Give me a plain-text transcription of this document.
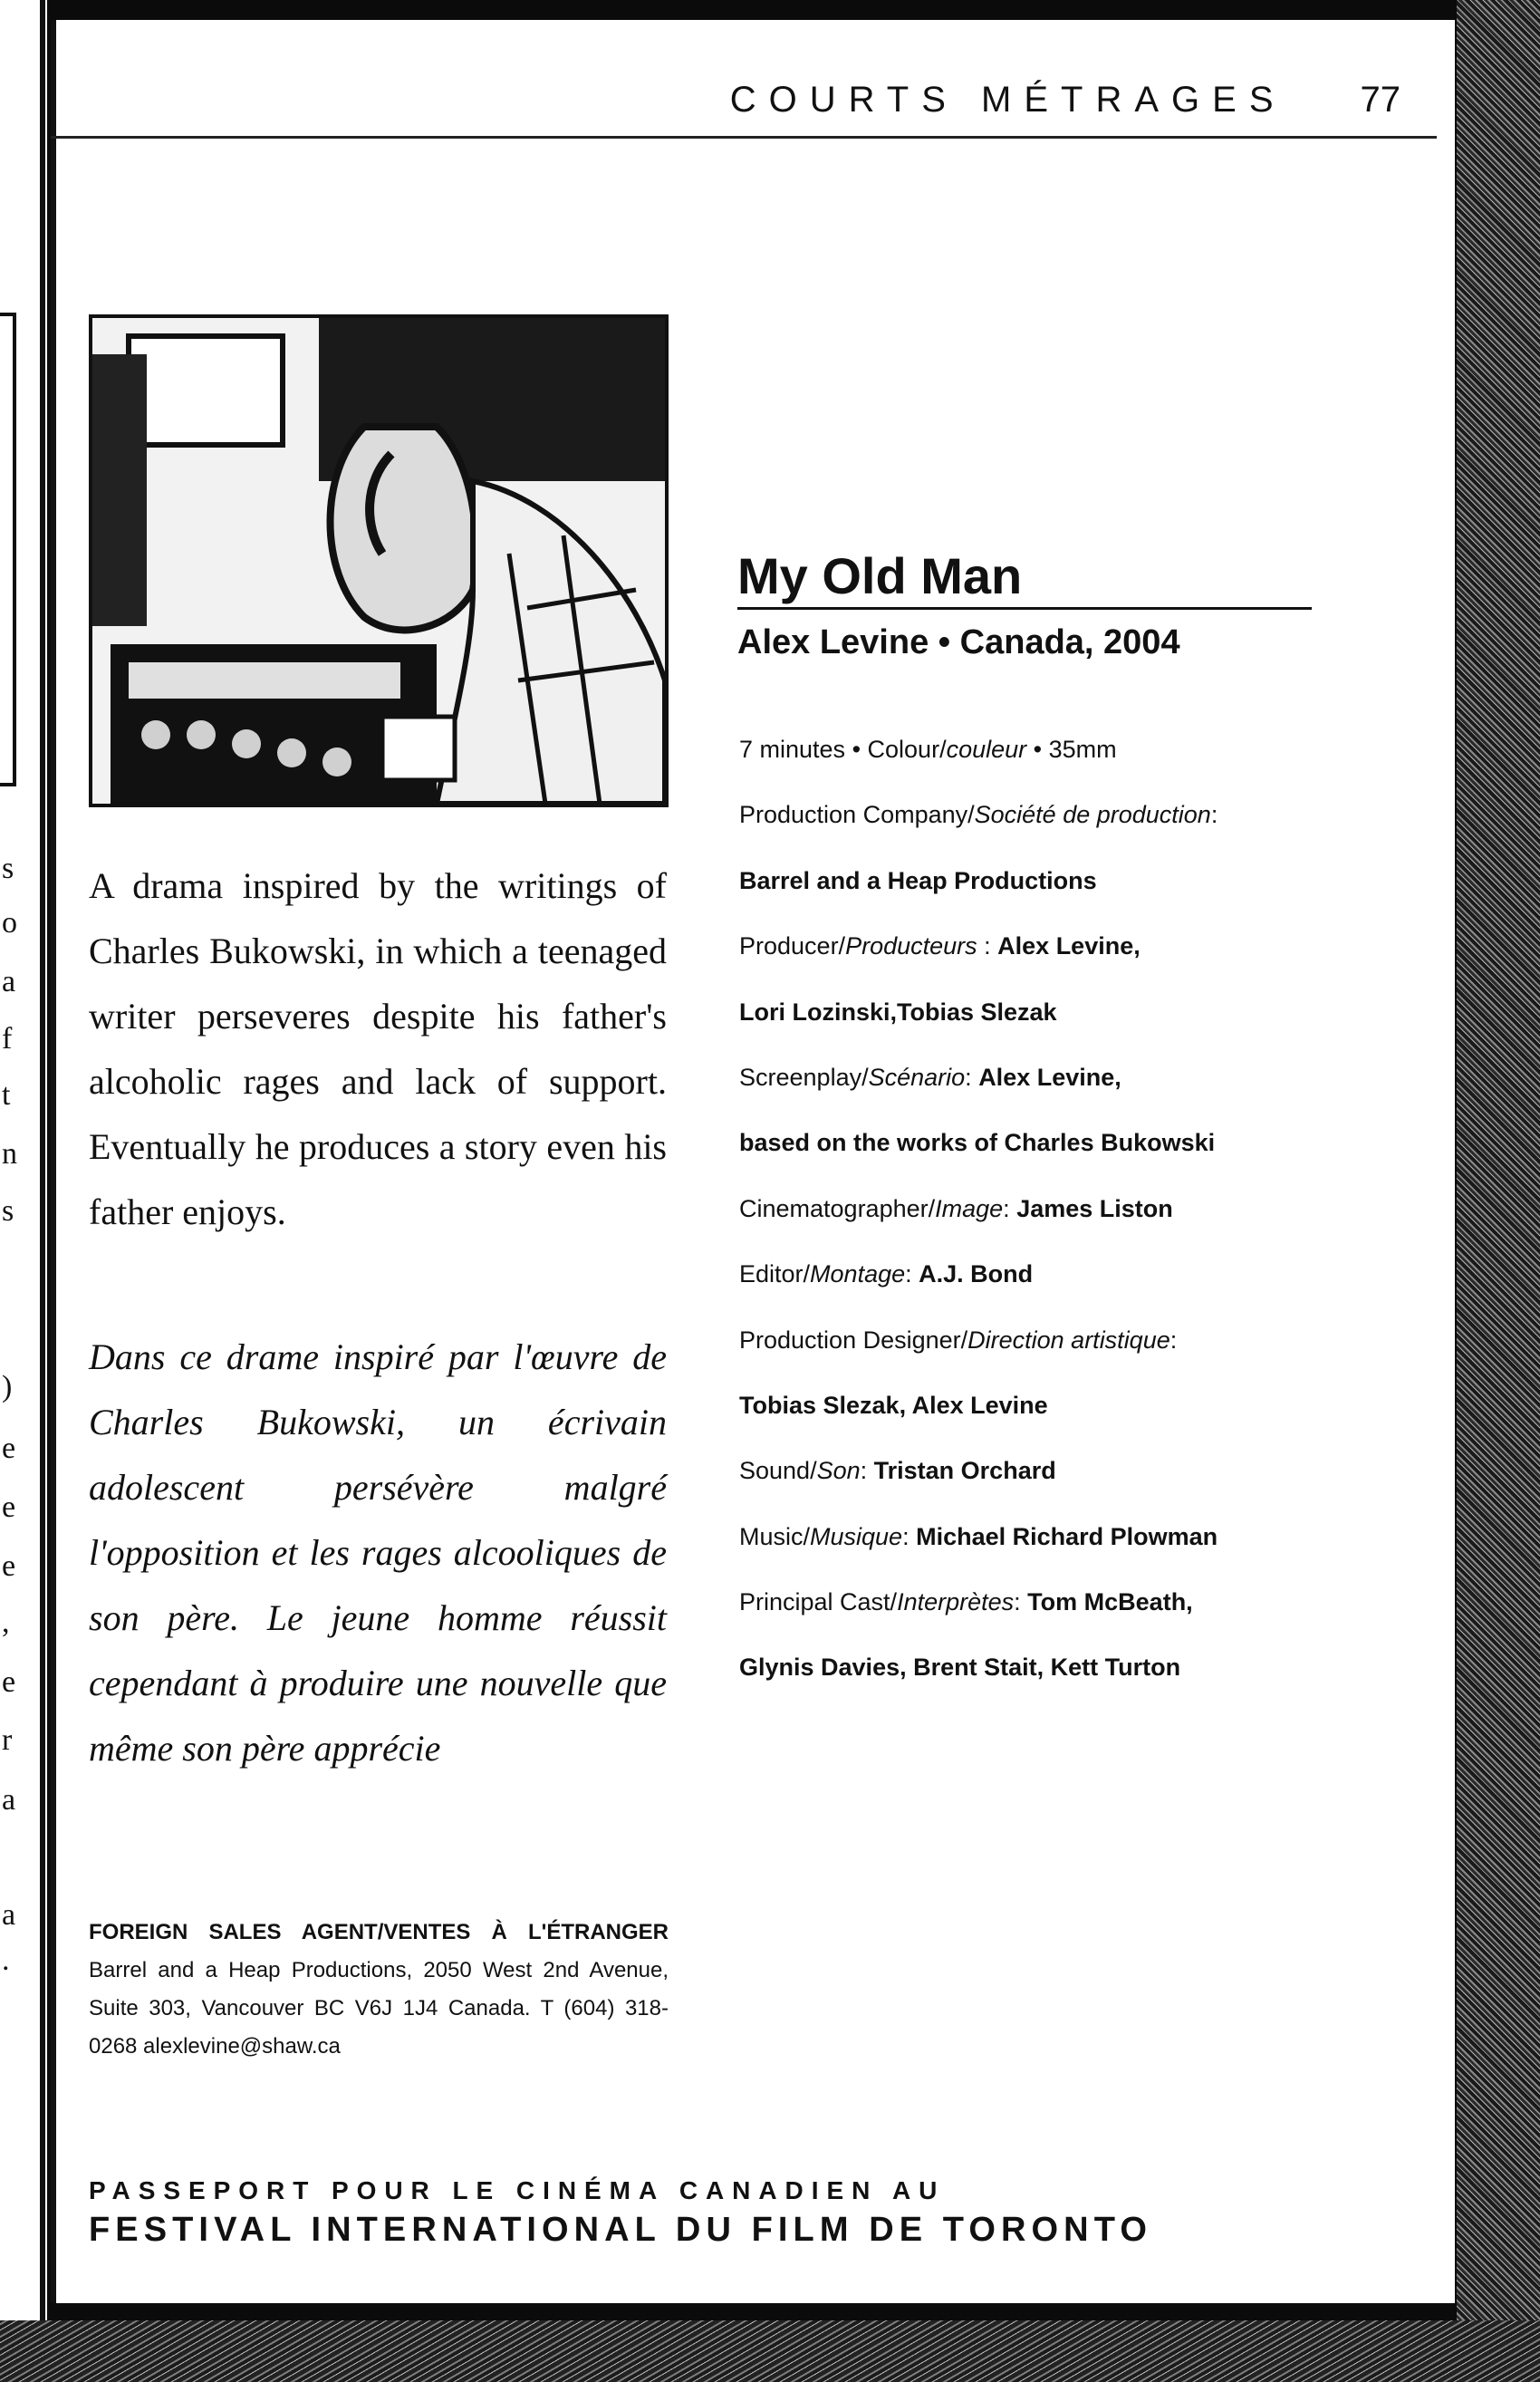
s
o
a
f
t
n
s
)
e
e
e
,
e
r
a
a
.
COURTS MÉTRAGES 77
A drama inspired by the writings of Charles Bukowski, in which a teenaged writer perseveres despite his father's alcoholic rages and lack of support. Eventually he produces a story even his father enjoys.
Dans ce drame inspiré par l'œuvre de Charles Bukowski, un écrivain adolescent persévère malgré l'opposition et les rages alcooliques de son père. Le jeune homme réussit cependant à produire une nouvelle que même son père apprécie
FOREIGN SALES AGENT/VENTES À L'ÉTRANGER Barrel and a Heap Productions, 2050 West 2nd Avenue, Suite 303, Vancouver BC V6J 1J4 Canada. T (604) 318-0268 alexlevine@shaw.ca
My Old Man
Alex Levine • Canada, 2004
7 minutes • Colour/couleur • 35mm
Production Company/Société de production:
Barrel and a Heap Productions
Producer/Producteurs : Alex Levine,
Lori Lozinski,Tobias Slezak
Screenplay/Scénario: Alex Levine,
based on the works of Charles Bukowski
Cinematographer/Image: James Liston
Editor/Montage: A.J. Bond
Production Designer/Direction artistique:
Tobias Slezak, Alex Levine
Sound/Son: Tristan Orchard
Music/Musique: Michael Richard Plowman
Principal Cast/Interprètes: Tom McBeath,
Glynis Davies, Brent Stait, Kett Turton
PASSEPORT POUR LE CINÉMA CANADIEN AU
FESTIVAL INTERNATIONAL DU FILM DE TORONTO
